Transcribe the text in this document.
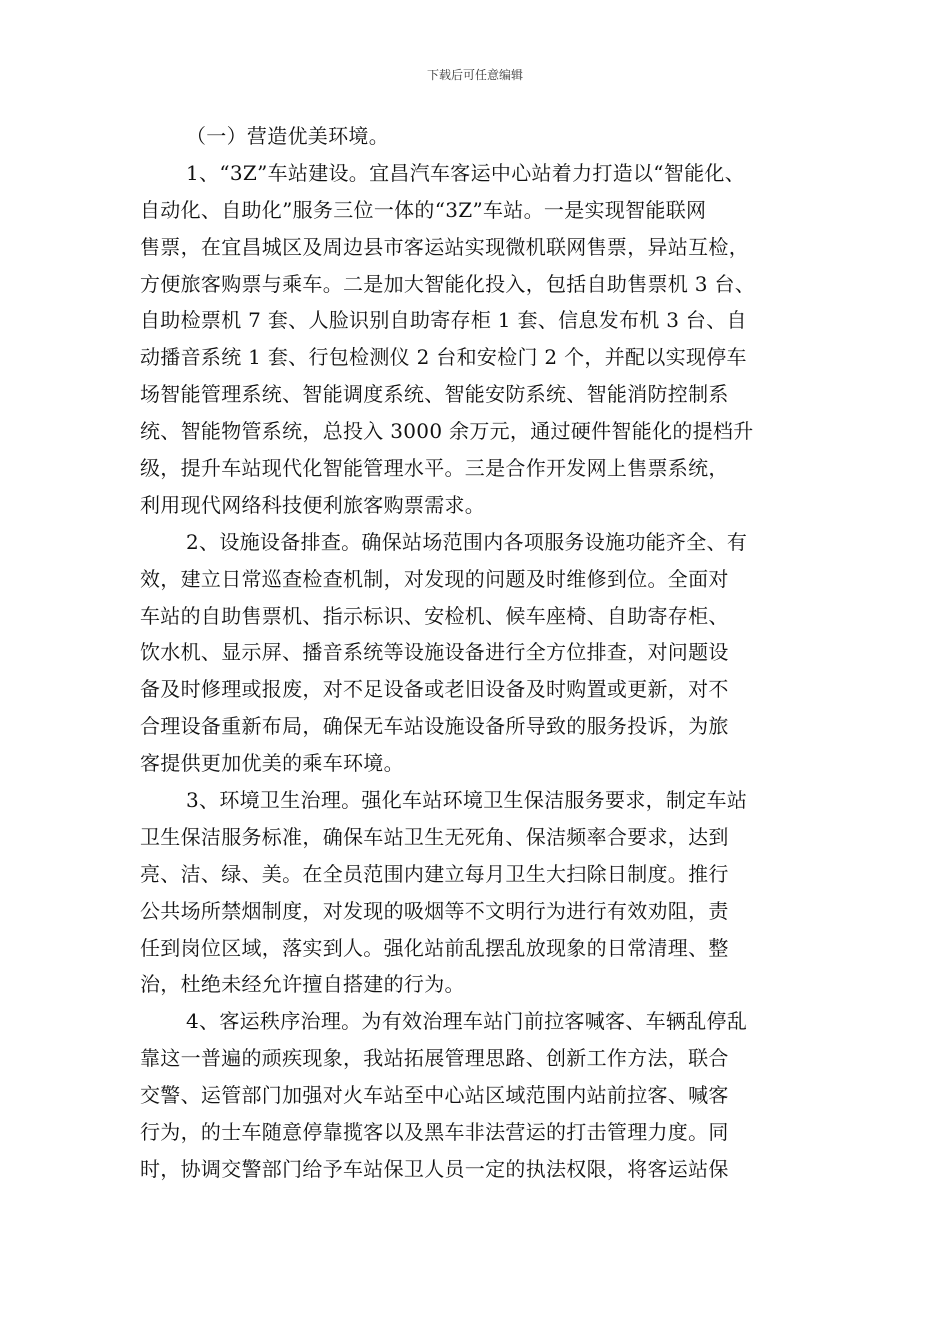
下载后可任意编辑
（一）营造优美环境。
1、“3Z”车站建设。宜昌汽车客运中心站着力打造以“智能化、
自动化、自助化”服务三位一体的“3Z”车站。一是实现智能联网
售票，在宜昌城区及周边县市客运站实现微机联网售票，异站互检，
方便旅客购票与乘车。二是加大智能化投入，包括自助售票机 3 台、
自助检票机 7 套、人脸识别自助寄存柜 1 套、信息发布机 3 台、自
动播音系统 1 套、行包检测仪 2 台和安检门 2 个，并配以实现停车
场智能管理系统、智能调度系统、智能安防系统、智能消防控制系
统、智能物管系统，总投入 3000 余万元，通过硬件智能化的提档升
级，提升车站现代化智能管理水平。三是合作开发网上售票系统，
利用现代网络科技便利旅客购票需求。
2、设施设备排查。确保站场范围内各项服务设施功能齐全、有
效，建立日常巡查检查机制，对发现的问题及时维修到位。全面对
车站的自助售票机、指示标识、安检机、候车座椅、自助寄存柜、
饮水机、显示屏、播音系统等设施设备进行全方位排查，对问题设
备及时修理或报废，对不足设备或老旧设备及时购置或更新，对不
合理设备重新布局，确保无车站设施设备所导致的服务投诉，为旅
客提供更加优美的乘车环境。
3、环境卫生治理。强化车站环境卫生保洁服务要求，制定车站
卫生保洁服务标准，确保车站卫生无死角、保洁频率合要求，达到
亮、洁、绿、美。在全员范围内建立每月卫生大扫除日制度。推行
公共场所禁烟制度，对发现的吸烟等不文明行为进行有效劝阻，责
任到岗位区域，落实到人。强化站前乱摆乱放现象的日常清理、整
治，杜绝未经允许擅自搭建的行为。
4、客运秩序治理。为有效治理车站门前拉客喊客、车辆乱停乱
靠这一普遍的顽疾现象，我站拓展管理思路、创新工作方法，联合
交警、运管部门加强对火车站至中心站区域范围内站前拉客、喊客
行为，的士车随意停靠揽客以及黑车非法营运的打击管理力度。同
时，协调交警部门给予车站保卫人员一定的执法权限，将客运站保
